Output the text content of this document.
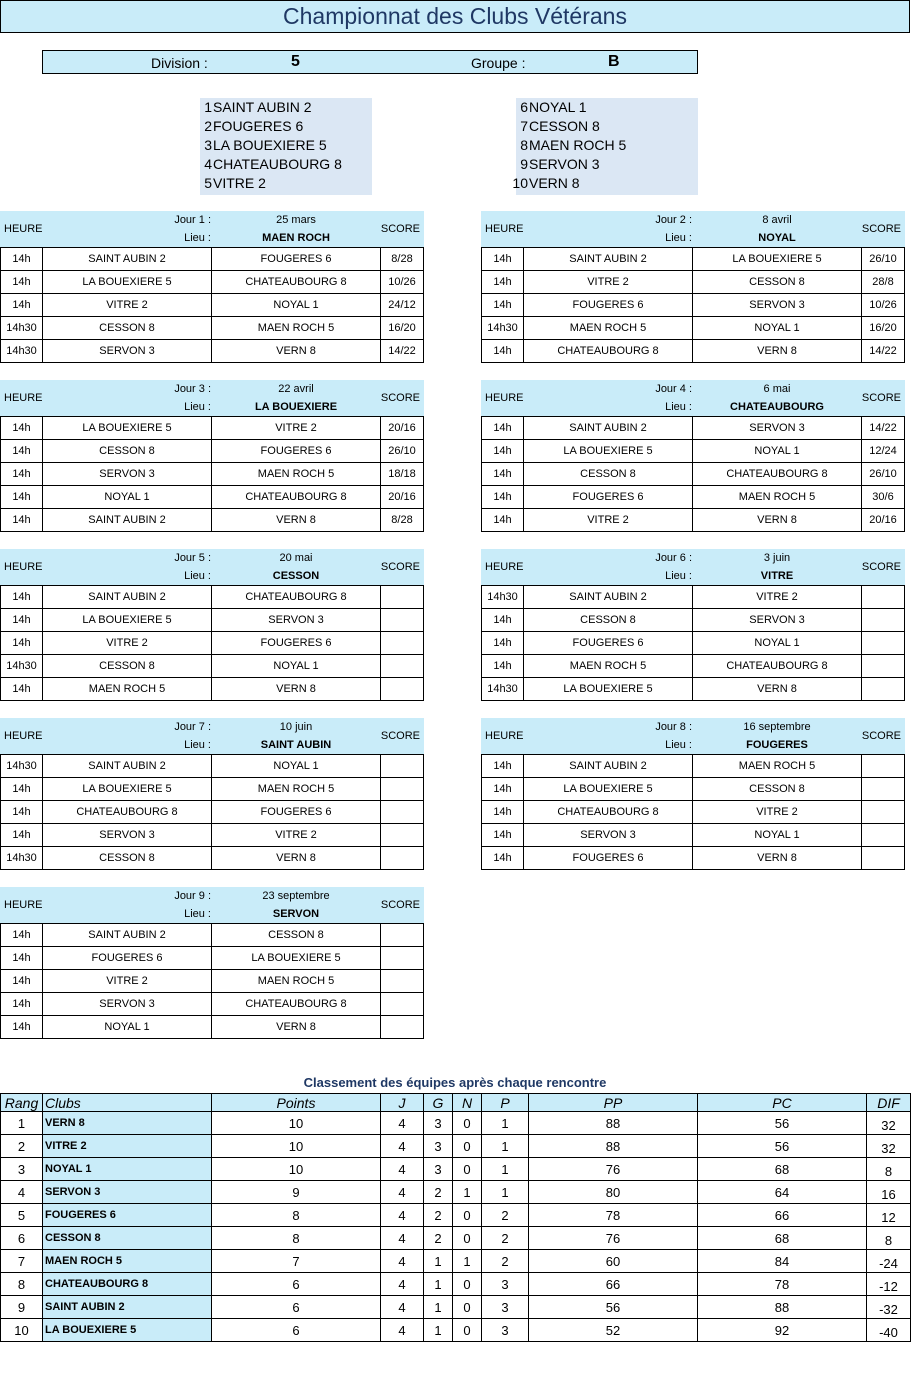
Championnat des Clubs Vétérans
Division :	5	Groupe :	B
1 SAINT AUBIN 2
2 FOUGERES 6
3 LA BOUEXIERE 5
4 CHATEAUBOURG 8
5 VITRE 2
6 NOYAL 1
7 CESSON 8
8 MAEN ROCH 5
9 SERVON 3
10 VERN 8
HEURE
Jour 1 :	25 mars
Lieu :	MAEN ROCH
SCORE
14h	SAINT AUBIN 2	FOUGERES 6	8/28
14h	LA BOUEXIERE 5	CHATEAUBOURG 8	10/26
14h	VITRE 2	NOYAL 1	24/12
14h30	CESSON 8	MAEN ROCH 5	16/20
14h30	SERVON 3	VERN 8	14/22
HEURE
Jour 2 :	8 avril
Lieu :	NOYAL
SCORE
14h	SAINT AUBIN 2	LA BOUEXIERE 5	26/10
14h	VITRE 2	CESSON 8	28/8
14h	FOUGERES 6	SERVON 3	10/26
14h30	MAEN ROCH 5	NOYAL 1	16/20
14h	CHATEAUBOURG 8	VERN 8	14/22
HEURE
Jour 3 :	22 avril
Lieu :	LA BOUEXIERE
SCORE
14h	LA BOUEXIERE 5	VITRE 2	20/16
14h	CESSON 8	FOUGERES 6	26/10
14h	SERVON 3	MAEN ROCH 5	18/18
14h	NOYAL 1	CHATEAUBOURG 8	20/16
14h	SAINT AUBIN 2	VERN 8	8/28
HEURE
Jour 4 :	6 mai
Lieu :	CHATEAUBOURG
SCORE
14h	SAINT AUBIN 2	SERVON 3	14/22
14h	LA BOUEXIERE 5	NOYAL 1	12/24
14h	CESSON 8	CHATEAUBOURG 8	26/10
14h	FOUGERES 6	MAEN ROCH 5	30/6
14h	VITRE 2	VERN 8	20/16
HEURE
Jour 5 :	20 mai
Lieu :	CESSON
SCORE
14h	SAINT AUBIN 2	CHATEAUBOURG 8	
14h	LA BOUEXIERE 5	SERVON 3	
14h	VITRE 2	FOUGERES 6	
14h30	CESSON 8	NOYAL 1	
14h	MAEN ROCH 5	VERN 8	
HEURE
Jour 6 :	3 juin
Lieu :	VITRE
SCORE
14h30	SAINT AUBIN 2	VITRE 2	
14h	CESSON 8	SERVON 3	
14h	FOUGERES 6	NOYAL 1	
14h	MAEN ROCH 5	CHATEAUBOURG 8	
14h30	LA BOUEXIERE 5	VERN 8	
HEURE
Jour 7 :	10 juin
Lieu :	SAINT AUBIN
SCORE
14h30	SAINT AUBIN 2	NOYAL 1	
14h	LA BOUEXIERE 5	MAEN ROCH 5	
14h	CHATEAUBOURG 8	FOUGERES 6	
14h	SERVON 3	VITRE 2	
14h30	CESSON 8	VERN 8	
HEURE
Jour 8 :	16 septembre
Lieu :	FOUGERES
SCORE
14h	SAINT AUBIN 2	MAEN ROCH 5	
14h	LA BOUEXIERE 5	CESSON 8	
14h	CHATEAUBOURG 8	VITRE 2	
14h	SERVON 3	NOYAL 1	
14h	FOUGERES 6	VERN 8	
HEURE
Jour 9 :	23 septembre
Lieu :	SERVON
SCORE
14h	SAINT AUBIN 2	CESSON 8	
14h	FOUGERES 6	LA BOUEXIERE 5	
14h	VITRE 2	MAEN ROCH 5	
14h	SERVON 3	CHATEAUBOURG 8	
14h	NOYAL 1	VERN 8	
Classement des équipes après chaque rencontre
Rang	Clubs	Points	J	G	N	P	PP	PC	DIF
1	VERN 8	10	4	3	0	1	88	56	32
2	VITRE 2	10	4	3	0	1	88	56	32
3	NOYAL 1	10	4	3	0	1	76	68	8
4	SERVON 3	9	4	2	1	1	80	64	16
5	FOUGERES 6	8	4	2	0	2	78	66	12
6	CESSON 8	8	4	2	0	2	76	68	8
7	MAEN ROCH 5	7	4	1	1	2	60	84	-24
8	CHATEAUBOURG 8	6	4	1	0	3	66	78	-12
9	SAINT AUBIN 2	6	4	1	0	3	56	88	-32
10	LA BOUEXIERE 5	6	4	1	0	3	52	92	-40
